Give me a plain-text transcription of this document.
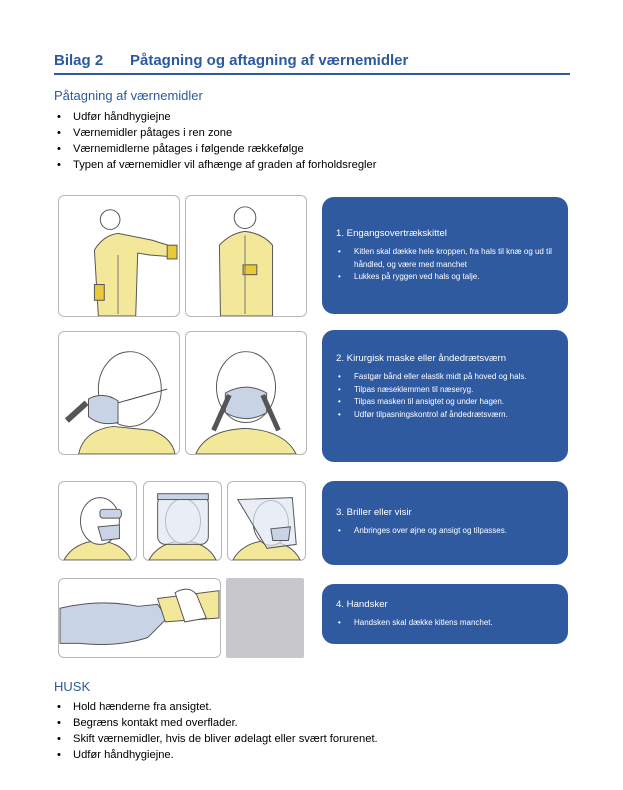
Bilag 2 Påtagning og aftagning af værnemidler
Påtagning af værnemidler
• Udfør håndhygiejne
• Værnemidler påtages i ren zone
• Værnemidlerne påtages i følgende rækkefølge
• Typen af værnemidler vil afhænge af graden af forholdsregler
1. Engangsovertrækskittel
• Kitlen skal dække hele kroppen, fra hals til knæ og ud til håndled, og være med manchet
• Lukkes på ryggen ved hals og talje.
2. Kirurgisk maske eller åndedrætsværn
• Fastgør bånd eller elastik midt på hoved og hals.
• Tilpas næseklemmen til næseryg.
• Tilpas masken til ansigtet og under hagen.
• Udfør tilpasningskontrol af åndedrætsværn.
3. Briller eller visir
• Anbringes over øjne og ansigt og tilpasses.
4. Handsker
• Handsken skal dække kitlens manchet.
HUSK
• Hold hænderne fra ansigtet.
• Begræns kontakt med overflader.
• Skift værnemidler, hvis de bliver ødelagt eller svært forurenet.
• Udfør håndhygiejne.
